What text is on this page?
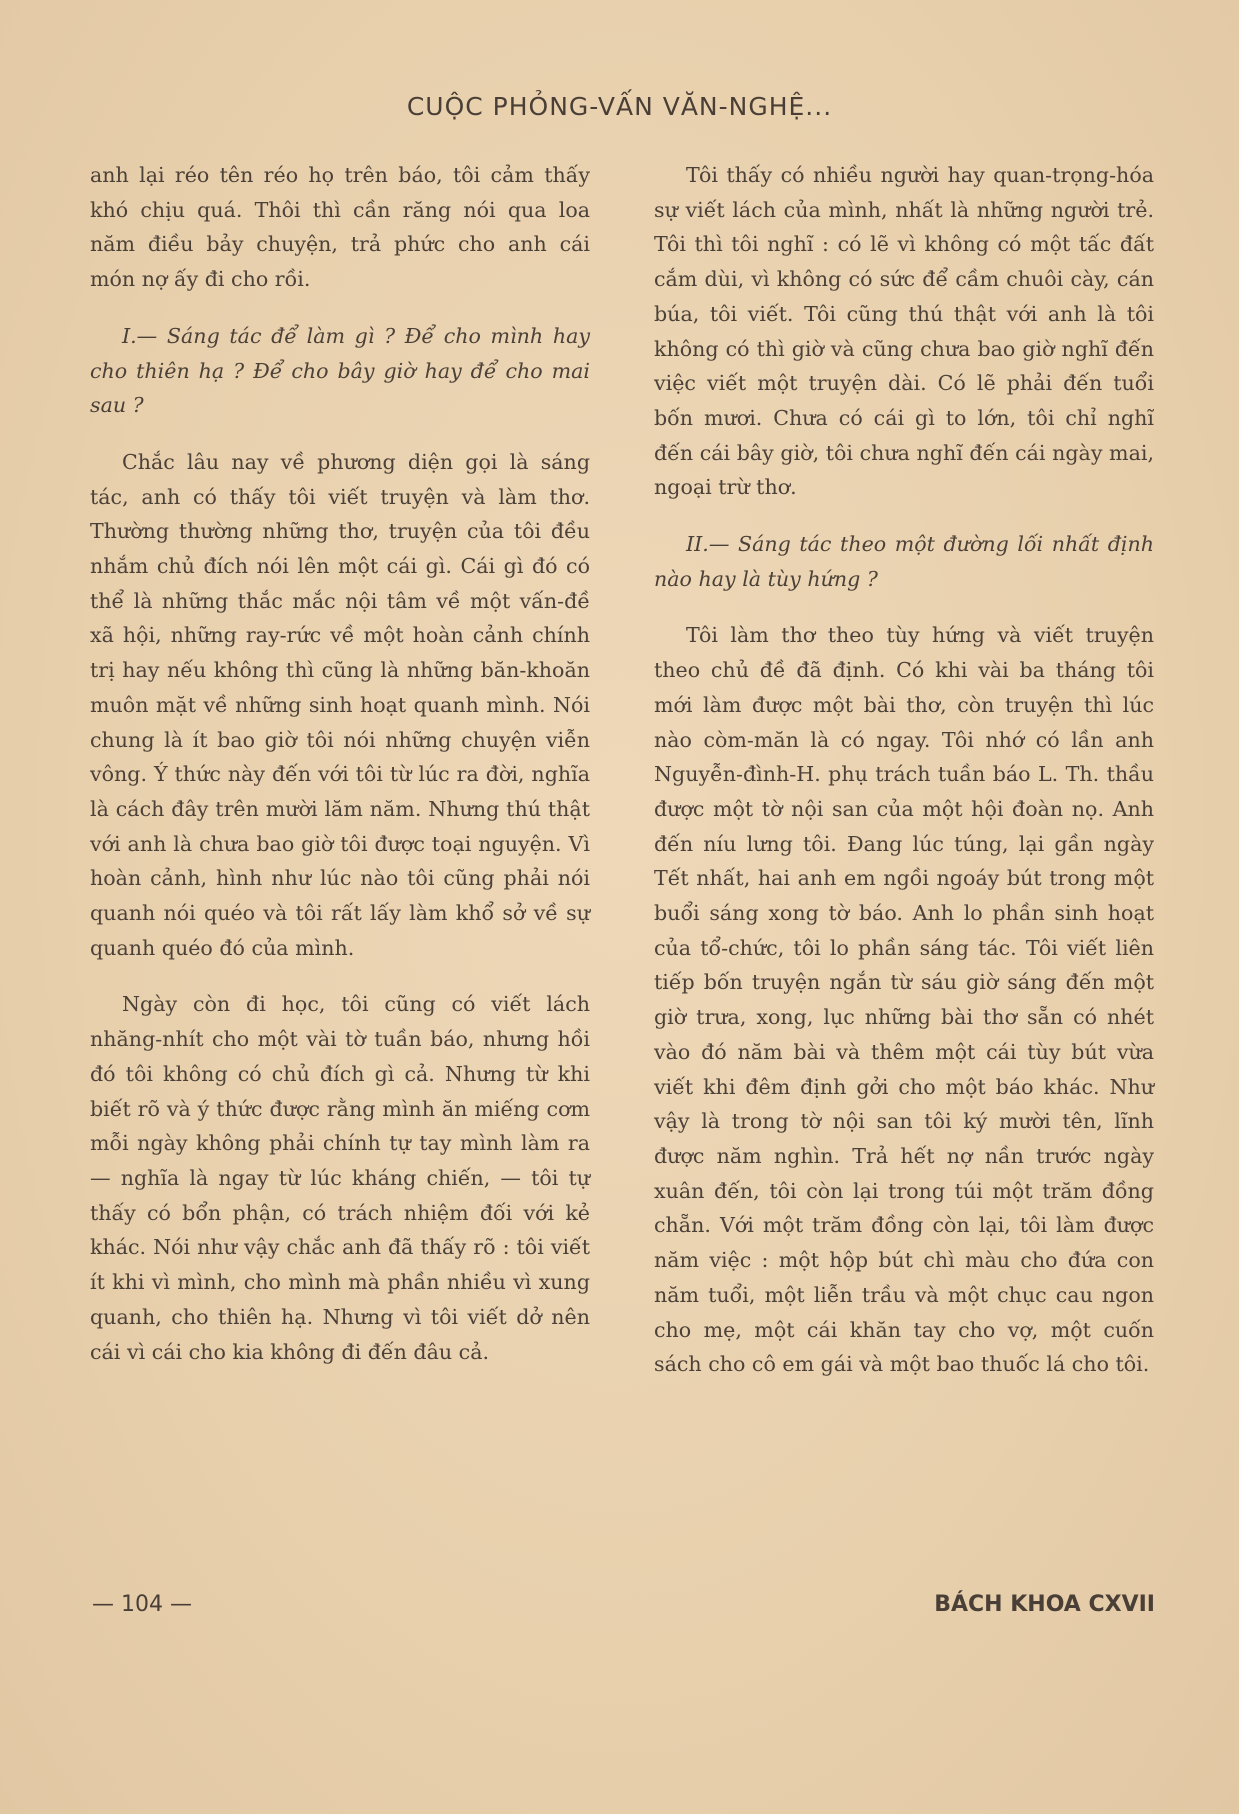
CUỘC PHỎNG-VẤN VĂN-NGHỆ...

anh lại réo tên réo họ trên báo, tôi cảm thấy khó chịu quá. Thôi thì cần răng nói qua loa năm điều bảy chuyện, trả phức cho anh cái món nợ ấy đi cho rồi.

I.— Sáng tác để làm gì ? Để cho mình hay cho thiên hạ ? Để cho bây giờ hay để cho mai sau ?

Chắc lâu nay về phương diện gọi là sáng tác, anh có thấy tôi viết truyện và làm thơ. Thường thường những thơ, truyện của tôi đều nhắm chủ đích nói lên một cái gì. Cái gì đó có thể là những thắc mắc nội tâm về một vấn-đề xã hội, những ray-rức về một hoàn cảnh chính trị hay nếu không thì cũng là những băn-khoăn muôn mặt về những sinh hoạt quanh mình. Nói chung là ít bao giờ tôi nói những chuyện viễn vông. Ý thức này đến với tôi từ lúc ra đời, nghĩa là cách đây trên mười lăm năm. Nhưng thú thật với anh là chưa bao giờ tôi được toại nguyện. Vì hoàn cảnh, hình như lúc nào tôi cũng phải nói quanh nói quéo và tôi rất lấy làm khổ sở về sự quanh quéo đó của mình.

Ngày còn đi học, tôi cũng có viết lách nhăng-nhít cho một vài tờ tuần báo, nhưng hồi đó tôi không có chủ đích gì cả. Nhưng từ khi biết rõ và ý thức được rằng mình ăn miếng cơm mỗi ngày không phải chính tự tay mình làm ra — nghĩa là ngay từ lúc kháng chiến, — tôi tự thấy có bổn phận, có trách nhiệm đối với kẻ khác. Nói như vậy chắc anh đã thấy rõ : tôi viết ít khi vì mình, cho mình mà phần nhiều vì xung quanh, cho thiên hạ. Nhưng vì tôi viết dở nên cái vì cái cho kia không đi đến đâu cả.

Tôi thấy có nhiều người hay quan-trọng-hóa sự viết lách của mình, nhất là những người trẻ. Tôi thì tôi nghĩ : có lẽ vì không có một tấc đất cắm dùi, vì không có sức để cầm chuôi cày, cán búa, tôi viết. Tôi cũng thú thật với anh là tôi không có thì giờ và cũng chưa bao giờ nghĩ đến việc viết một truyện dài. Có lẽ phải đến tuổi bốn mươi. Chưa có cái gì to lớn, tôi chỉ nghĩ đến cái bây giờ, tôi chưa nghĩ đến cái ngày mai, ngoại trừ thơ.

II.— Sáng tác theo một đường lối nhất định nào hay là tùy hứng ?

Tôi làm thơ theo tùy hứng và viết truyện theo chủ đề đã định. Có khi vài ba tháng tôi mới làm được một bài thơ, còn truyện thì lúc nào còm-măn là có ngay. Tôi nhớ có lần anh Nguyễn-đình-H. phụ trách tuần báo L. Th. thầu được một tờ nội san của một hội đoàn nọ. Anh đến níu lưng tôi. Đang lúc túng, lại gần ngày Tết nhất, hai anh em ngồi ngoáy bút trong một buổi sáng xong tờ báo. Anh lo phần sinh hoạt của tổ-chức, tôi lo phần sáng tác. Tôi viết liên tiếp bốn truyện ngắn từ sáu giờ sáng đến một giờ trưa, xong, lục những bài thơ sẵn có nhét vào đó năm bài và thêm một cái tùy bút vừa viết khi đêm định gởi cho một báo khác. Như vậy là trong tờ nội san tôi ký mười tên, lĩnh được năm nghìn. Trả hết nợ nần trước ngày xuân đến, tôi còn lại trong túi một trăm đồng chẵn. Với một trăm đồng còn lại, tôi làm được năm việc : một hộp bút chì màu cho đứa con năm tuổi, một liễn trầu và một chục cau ngon cho mẹ, một cái khăn tay cho vợ, một cuốn sách cho cô em gái và một bao thuốc lá cho tôi.

— 104 —	BÁCH KHOA CXVII
